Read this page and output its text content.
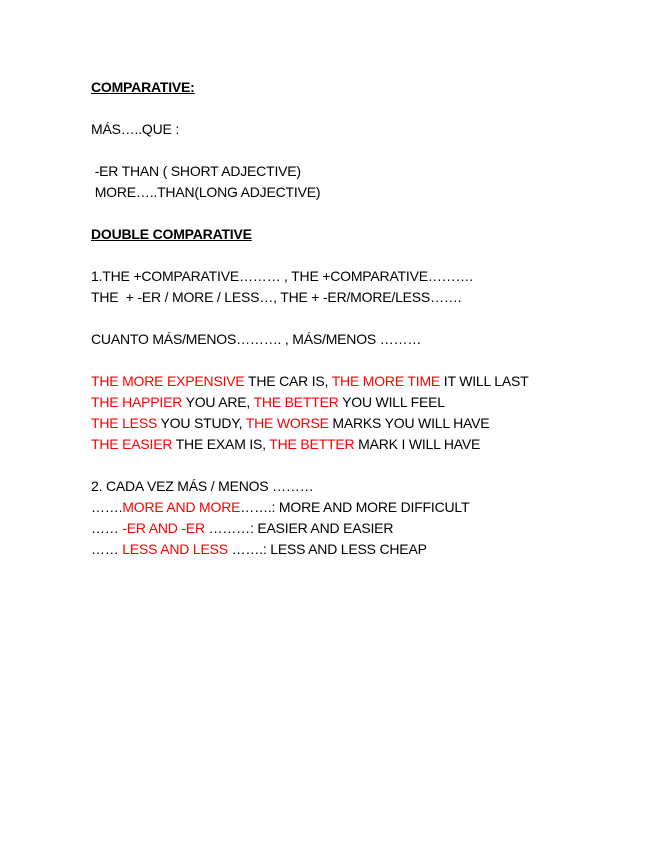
COMPARATIVE:
MÁS…..QUE :
-ER THAN ( SHORT ADJECTIVE)
MORE…..THAN(LONG ADJECTIVE)
DOUBLE COMPARATIVE
1.THE +COMPARATIVE……… , THE +COMPARATIVE……….
THE  + -ER / MORE / LESS…, THE + -ER/MORE/LESS…….
CUANTO MÁS/MENOS………. , MÁS/MENOS ………
THE MORE EXPENSIVE THE CAR IS, THE MORE TIME IT WILL LAST
THE HAPPIER YOU ARE, THE BETTER YOU WILL FEEL
THE LESS YOU STUDY, THE WORSE MARKS YOU WILL HAVE
THE EASIER THE EXAM IS, THE BETTER MARK I WILL HAVE
2. CADA VEZ MÁS / MENOS ………
…….MORE AND MORE…….: MORE AND MORE DIFFICULT
…… -ER AND -ER ………: EASIER AND EASIER
…… LESS AND LESS …….: LESS AND LESS CHEAP
